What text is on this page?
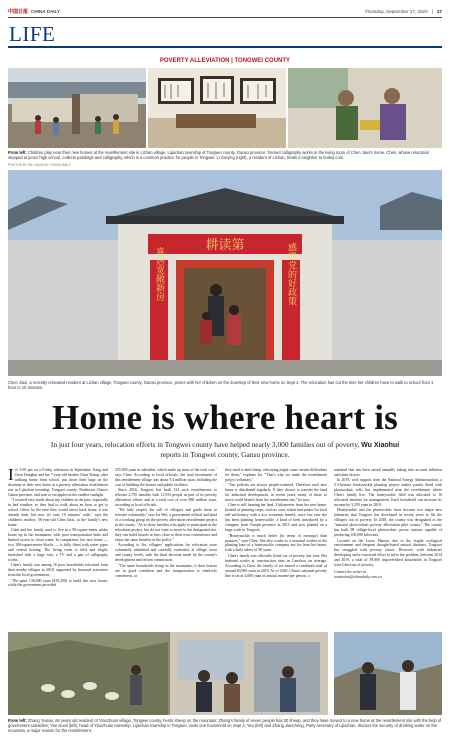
中国日报 CHINA DAILY	Thursday, September 17, 2020 | 17
LIFE
POVERTY ALLEVIATION | TONGWEI COUNTY
From left: Children play near their new homes at the resettlement site in Lizhan village, Lijiachan township of Tongwei county, Gansu province; framed calligraphy works in the living room of Chen Jiaxi's home. Chen, whose relocation stopped at junior high school, collects paintings and calligraphy, which is a common practice for people in Tongwei; Li Guiying (right), a resident of Lizhan, treats a neighbor to boiled corn.
PHOTOS BY WU XIAOHUI / CHINA DAILY
耕读第
喜居宽敞新房	感恩党的好政策
Chen Jiaxi, a recently relocated resident at Lizhan village, Tongwei county, Gansu province, poses with her children on the doorstep of their new home on Sept 4. The relocation has cut the time her children have to walk to school from 1 hour to 10 minutes.
Home is where heart is
In just four years, relocation efforts in Tongwei county have helped nearly 3,000 families out of poverty, Wu Xiaohui reports in Tongwei county, Gansu province.

It's 3:00 pm on a Friday afternoon in September. Jiang and Chen Donghui and her 7-year-old brother Chen Tianqi, after walking home from school, put down their bags on the doorstep of their new home at a poverty alleviation resettlement site in Lijiachan township, Tongwei county, Northwest China's Gansu province, and start to eat apples in the endless sunlight.

"I worried very much about my children in the past, especially in bad weather, as they had to walk about an hour to get to school. Often, by the time they would arrive back home, it was already dark, but now it's only 10 minutes' walk," says the children's mother, 36-year-old Chen Jiaxi, at the family's new home.

Chen and her family used to live in a 90-square-meter adobe house up in the mountains, with poor transportation links and limited access to clean water. In comparison, her new home — two 100-square-meter blocks — is fully fitted with water pipes and central heating. The living room is tiled and bright, furnished with a large sofa, a TV and a pair of calligraphy works.

Chen's family was among 16 poor households relocated from their nearby villages in 2018, supported by financial assistance from the local government.

"We spent 130,000 yuan ($19,200) to build this new house, while the government provided

255,000 yuan in subsidies, which made up most of the total cost," says Chen. According to local officials, the total investment of this resettlement village was about 9.4 million yuan, including the cost of building the houses and public facilities.

Since 2016, Tongwei has built 134 such resettlements to relocate 2,795 families with 11,933 people as part of its poverty alleviation efforts and at a total cost of over 880 million yuan, according to local officials.

"We fully respect the will of villagers and guide them to relocate voluntarily," says Jia Wei, a government official and head of a working group on the poverty alleviation resettlement project in the county. "As to those families who apply to participate in the relocation project, but do not want to move to the designated site, they can build houses at sites close to their own convenience and enjoy the same benefits of the policy."

According to Jia, villagers' applications for relocation were voluntarily submitted and carefully evaluated, at village, town and county levels, with the final decision made by the county's development and reform commission.

"The same households living in the mountains, if their houses are in good condition and the transportation is relatively convenient, or

they used to herd sheep, relocating might cause certain difficulties for them," explains Jia. "That's why we made the resettlement project voluntary."

"Our policies are always people-oriented. Therefore each new home is distributed regularly. If they choose to transfer the land for industrial development, in recent years, many of those to move could benefit from the resettlement site," he says.

Chen is still farming her land, 3 kilometers from her new home. Instead of planting crops, such as corn, wheat and potato for food self-sufficiency with a low economic benefit, since last year she has been planting honeysuckle, a kind of herb introduced by a company from Tianjin province in 2015 and now planted on a large scale in Tongwei.

"Honeysuckle is much better [in terms of earnings] than potatoes," says Chen. She also works as a seasonal worker at the planting base of a honeysuckle company not far from her home, with a daily salary of 90 yuan.

Chen's family was officially lifted out of poverty last year. Her husband works at construction sites in Lanzhou on average. According to Chen, the family of six earned a combined total of around 60,000 yuan in 2019. As of 2020, China's national poverty line is set at 4,000 yuan of annual income per person, a

standard that has been raised annually taking into account inflation and other factors.

In 2019, with support from the National Energy Administration, a 3.3-hectare honeysuckle planting project makes panels fitted with photovoltaic cells has implemented near the resettlement where Chen's family live. The honeysuckle field was allocated to 16 relocated families for management. Each household can increase its income by 3,259 yuan in 2019.

Honeysuckle and the photovoltaic have become two major new industries that Tongwei has developed in recent years to lift the villagers out of poverty. In 2018, the county was designated as the "national photovoltaic poverty alleviation pilot county." The county has built 98 village-level photovoltaic power stations capable of producing 100,000 kilowatts.

Located on the Loess Plateau, due to the fragile ecological environment and frequent drought-based natural disasters, Tongwei has struggled with poverty issues. However, with industries developing and a concerted effort to solve the problem, between 2014 and 2019, a total of 39,000 impoverished households in Tongwei were lifted out of poverty.

Contact the writer at
wuxiaohui@chinadaily.com.cn

From left: Zhang Yuxiao, 66 years old resident of Yiaozhuan village, Tongwei county, herds sheep on the mountain; Zhang's family of seven people has 30 sheep, and they have moved to a new home at the resettlement site with the help of government subsidies; Yan Guoli (left), head of Yiaozhuan township, Lijiachan township in Tongwei, visits one household on Sept 4; Yao (left) and Zhang Jiancheng, Party secretary of Lijiachan, discuss the security of drinking water on the mountain, a major reason for the resettlement.
